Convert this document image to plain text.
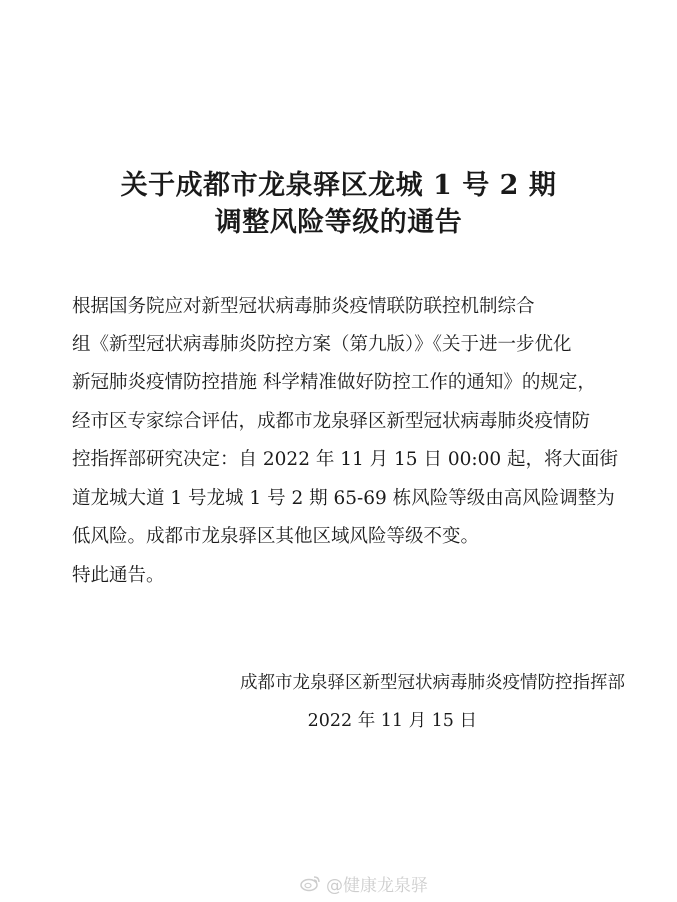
关于成都市龙泉驿区龙城 1 号 2 期
调整风险等级的通告
根据国务院应对新型冠状病毒肺炎疫情联防联控机制综合
组《新型冠状病毒肺炎防控方案（第九版）》《关于进一步优化
新冠肺炎疫情防控措施 科学精准做好防控工作的通知》的规定，
经市区专家综合评估，成都市龙泉驿区新型冠状病毒肺炎疫情防
控指挥部研究决定：自 2022 年 11 月 15 日 00:00 起，将大面街
道龙城大道 1 号龙城 1 号 2 期 65-69 栋风险等级由高风险调整为
低风险。成都市龙泉驿区其他区域风险等级不变。
特此通告。
成都市龙泉驿区新型冠状病毒肺炎疫情防控指挥部
2022 年 11 月 15 日
@健康龙泉驿
